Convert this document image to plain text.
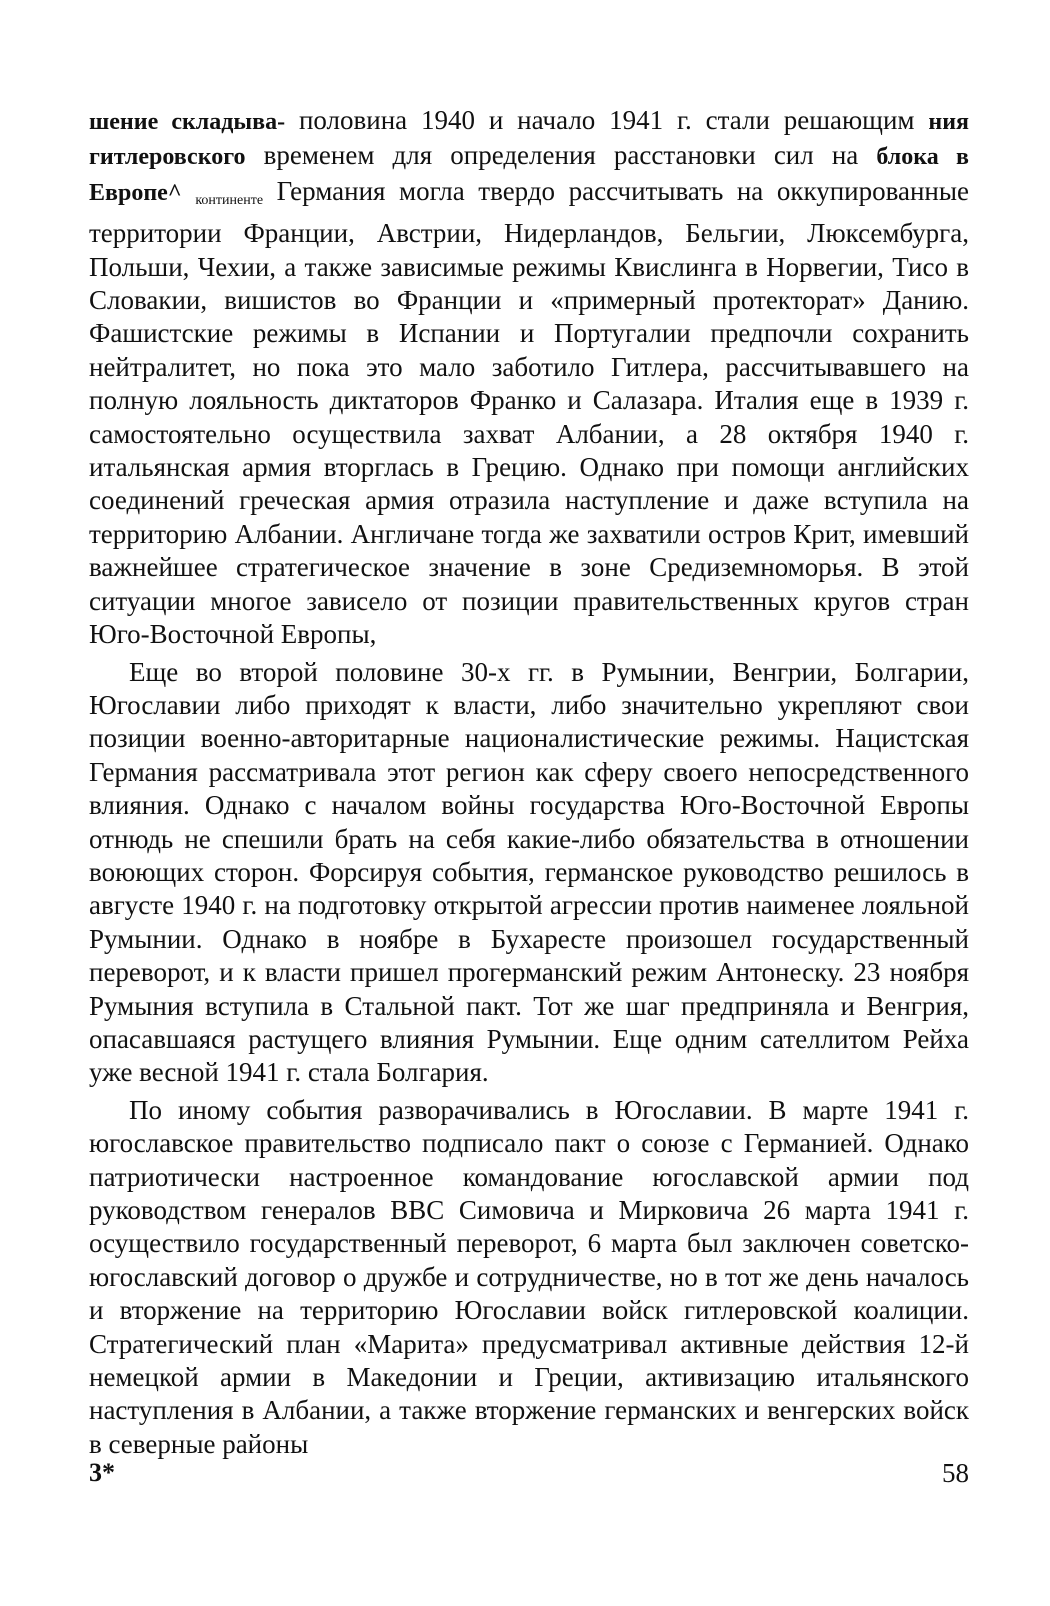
шение складыва- половина 1940 и начало 1941 г. стали решающим ния гитлеровского временем для определения расстановки сил на блока в Европе^ континенте Германия могла твердо рассчитывать на оккупированные территории Франции, Австрии, Нидерландов, Бельгии, Люксембурга, Польши, Чехии, а также зависимые режимы Квислинга в Норвегии, Тисо в Словакии, вишистов во Франции и «примерный протекторат» Данию. Фашистские режимы в Испании и Португалии предпочли сохранить нейтралитет, но пока это мало заботило Гитлера, рассчитывавшего на полную лояльность диктаторов Франко и Салазара. Италия еще в 1939 г. самостоятельно осуществила захват Албании, а 28 октября 1940 г. итальянская армия вторглась в Грецию. Однако при помощи английских соединений греческая армия отразила наступление и даже вступила на территорию Албании. Англичане тогда же захватили остров Крит, имевший важнейшее стратегическое значение в зоне Средиземноморья. В этой ситуации многое зависело от позиции правительственных кругов стран Юго-Восточной Европы,

Еще во второй половине 30-х гг. в Румынии, Венгрии, Болгарии, Югославии либо приходят к власти, либо значительно укрепляют свои позиции военно-авторитарные националистические режимы. Нацистская Германия рассматривала этот регион как сферу своего непосредственного влияния. Однако с началом войны государства Юго-Восточной Европы отнюдь не спешили брать на себя какие-либо обязательства в отношении воюющих сторон. Форсируя события, германское руководство решилось в августе 1940 г. на подготовку открытой агрессии против наименее лояльной Румынии. Однако в ноябре в Бухаресте произошел государственный переворот, и к власти пришел прогерманский режим Антонеску. 23 ноября Румыния вступила в Стальной пакт. Тот же шаг предприняла и Венгрия, опасавшаяся растущего влияния Румынии. Еще одним сателлитом Рейха уже весной 1941 г. стала Болгария.

По иному события разворачивались в Югославии. В марте 1941 г. югославское правительство подписало пакт о союзе с Германией. Однако патриотически настроенное командование югославской армии под руководством генералов ВВС Симовича и Мирковича 26 марта 1941 г. осуществило государственный переворот, 6 марта был заключен советско-югославский договор о дружбе и сотрудничестве, но в тот же день началось и вторжение на территорию Югославии войск гитлеровской коалиции. Стратегический план «Марита» предусматривал активные действия 12-й немецкой армии в Македонии и Греции, активизацию итальянского наступления в Албании, а также вторжение германских и венгерских войск в северные районы

3*	58
